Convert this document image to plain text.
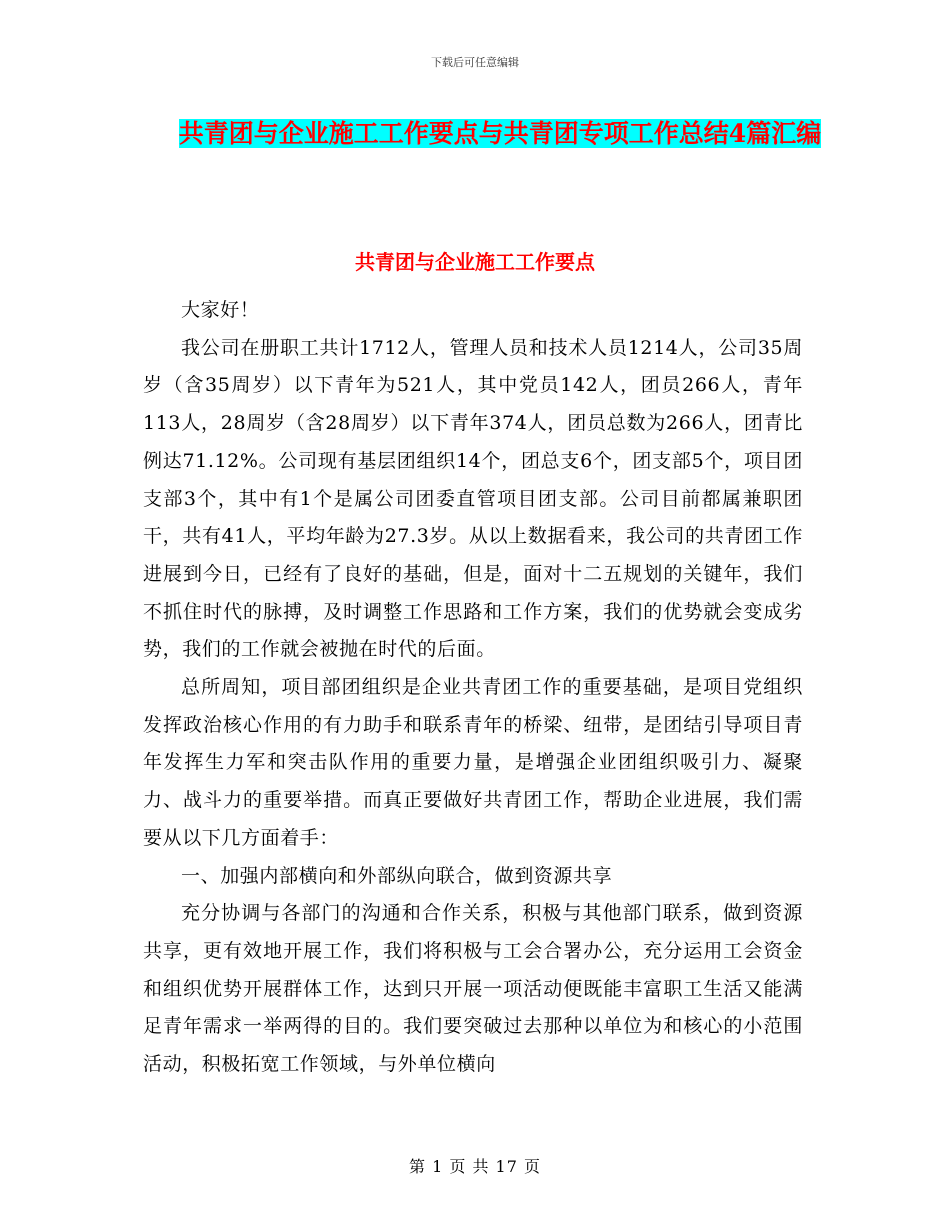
下载后可任意编辑
共青团与企业施工工作要点与共青团专项工作总结4篇汇编
共青团与企业施工工作要点

大家好！

我公司在册职工共计1712人，管理人员和技术人员1214人，公司35周岁（含35周岁）以下青年为521人，其中党员142人，团员266人，青年113人，28周岁（含28周岁）以下青年374人，团员总数为266人，团青比例达71.12%。公司现有基层团组织14个，团总支6个，团支部5个，项目团支部3个，其中有1个是属公司团委直管项目团支部。公司目前都属兼职团干，共有41人，平均年龄为27.3岁。从以上数据看来，我公司的共青团工作进展到今日，已经有了良好的基础，但是，面对十二五规划的关键年，我们不抓住时代的脉搏，及时调整工作思路和工作方案，我们的优势就会变成劣势，我们的工作就会被抛在时代的后面。

总所周知，项目部团组织是企业共青团工作的重要基础，是项目党组织发挥政治核心作用的有力助手和联系青年的桥梁、纽带，是团结引导项目青年发挥生力军和突击队作用的重要力量，是增强企业团组织吸引力、凝聚力、战斗力的重要举措。而真正要做好共青团工作，帮助企业进展，我们需要从以下几方面着手：

一、加强内部横向和外部纵向联合，做到资源共享

充分协调与各部门的沟通和合作关系，积极与其他部门联系，做到资源共享，更有效地开展工作，我们将积极与工会合署办公，充分运用工会资金和组织优势开展群体工作，达到只开展一项活动便既能丰富职工生活又能满足青年需求一举两得的目的。我们要突破过去那种以单位为和核心的小范围活动，积极拓宽工作领域，与外单位横向

第 1 页 共 17 页
